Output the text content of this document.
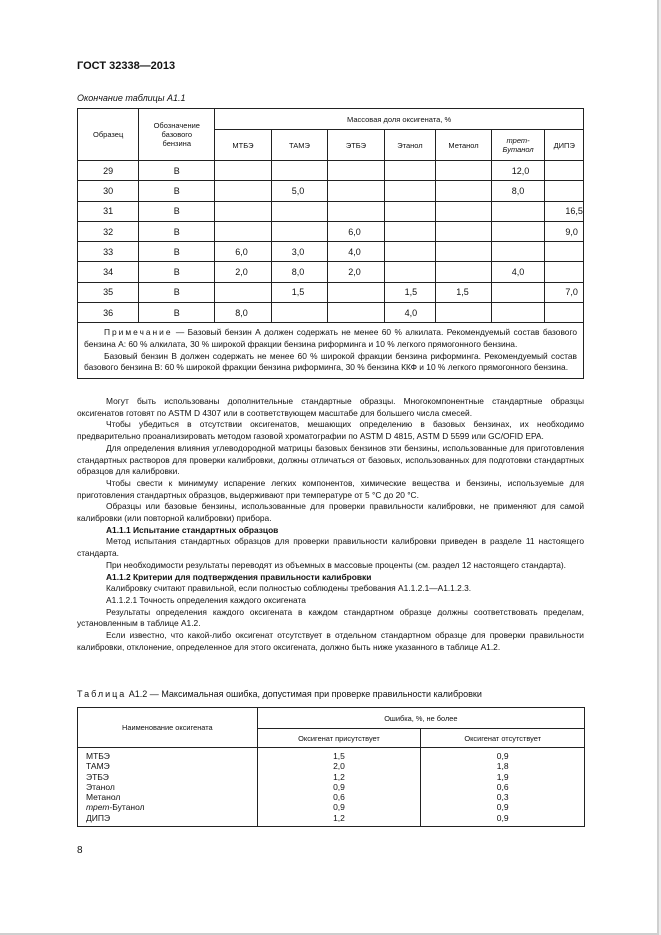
ГОСТ 32338—2013
Окончание таблицы А1.1
Образец	Обозначение базового бензина	Массовая доля оксигената, %						
		МТБЭ	ТАМЭ	ЭТБЭ	Этанол	Метанол	трет-Бутанол	ДИПЭ
29	В						12,0	
30	В		5,0				8,0	
31	В							16,5
32	В			6,0				9,0
33	В	6,0	3,0	4,0				
34	В	2,0	8,0	2,0			4,0	
35	В		1,5		1,5	1,5		7,0
36	В	8,0			4,0			

Примечание — Базовый бензин А должен содержать не менее 60 % алкилата. Рекомендуемый состав базового бензина А: 60 % алкилата, 30 % широкой фракции бензина риформинга и 10 % легкого прямогонного бензина.
Базовый бензин В должен содержать не менее 60 % широкой фракции бензина риформинга. Рекомендуемый состав базового бензина В: 60 % широкой фракции бензина риформинга, 30 % бензина ККФ и 10 % легкого прямогонного бензина.								

Могут быть использованы дополнительные стандартные образцы. Многокомпонентные стандартные образцы оксигенатов готовят по ASTM D 4307 или в соответствующем масштабе для большего числа смесей.

Чтобы убедиться в отсутствии оксигенатов, мешающих определению в базовых бензинах, их необходимо предварительно проанализировать методом газовой хроматографии по ASTM D 4815, ASTM D 5599 или GC/OFID EPA.

Для определения влияния углеводородной матрицы базовых бензинов эти бензины, использованные для приготовления стандартных растворов для проверки калибровки, должны отличаться от базовых, использованных для подготовки стандартных образцов для калибровки.

Чтобы свести к минимуму испарение легких компонентов, химические вещества и бензины, используемые для приготовления стандартных образцов, выдерживают при температуре от 5 °С до 20 °С.

Образцы или базовые бензины, использованные для проверки правильности калибровки, не применяют для самой калибровки (или повторной калибровки) прибора.

А1.1.1 Испытание стандартных образцов

Метод испытания стандартных образцов для проверки правильности калибровки приведен в разделе 11 настоящего стандарта.

При необходимости результаты переводят из объемных в массовые проценты (см. раздел 12 настоящего стандарта).

А1.1.2 Критерии для подтверждения правильности калибровки

Калибровку считают правильной, если полностью соблюдены требования А1.1.2.1—А1.1.2.3.

А1.1.2.1 Точность определения каждого оксигената

Результаты определения каждого оксигената в каждом стандартном образце должны соответствовать пределам, установленным в таблице А1.2.

Если известно, что какой-либо оксигенат отсутствует в отдельном стандартном образце для проверки правильности калибровки, отклонение, определенное для этого оксигената, должно быть ниже указанного в таблице А1.2.

Таблица А1.2 — Максимальная ошибка, допустимая при проверке правильности калибровки
Наименование оксигената	Ошибка, %, не более	
	Оксигенат присутствует	Оксигенат отсутствует
МТБЭ	1,5	0,9
ТАМЭ	2,0	1,8
ЭТБЭ	1,2	1,9
Этанол	0,9	0,6
Метанол	0,6	0,3
трет-Бутанол	0,9	0,9
ДИПЭ	1,2	0,9
8
